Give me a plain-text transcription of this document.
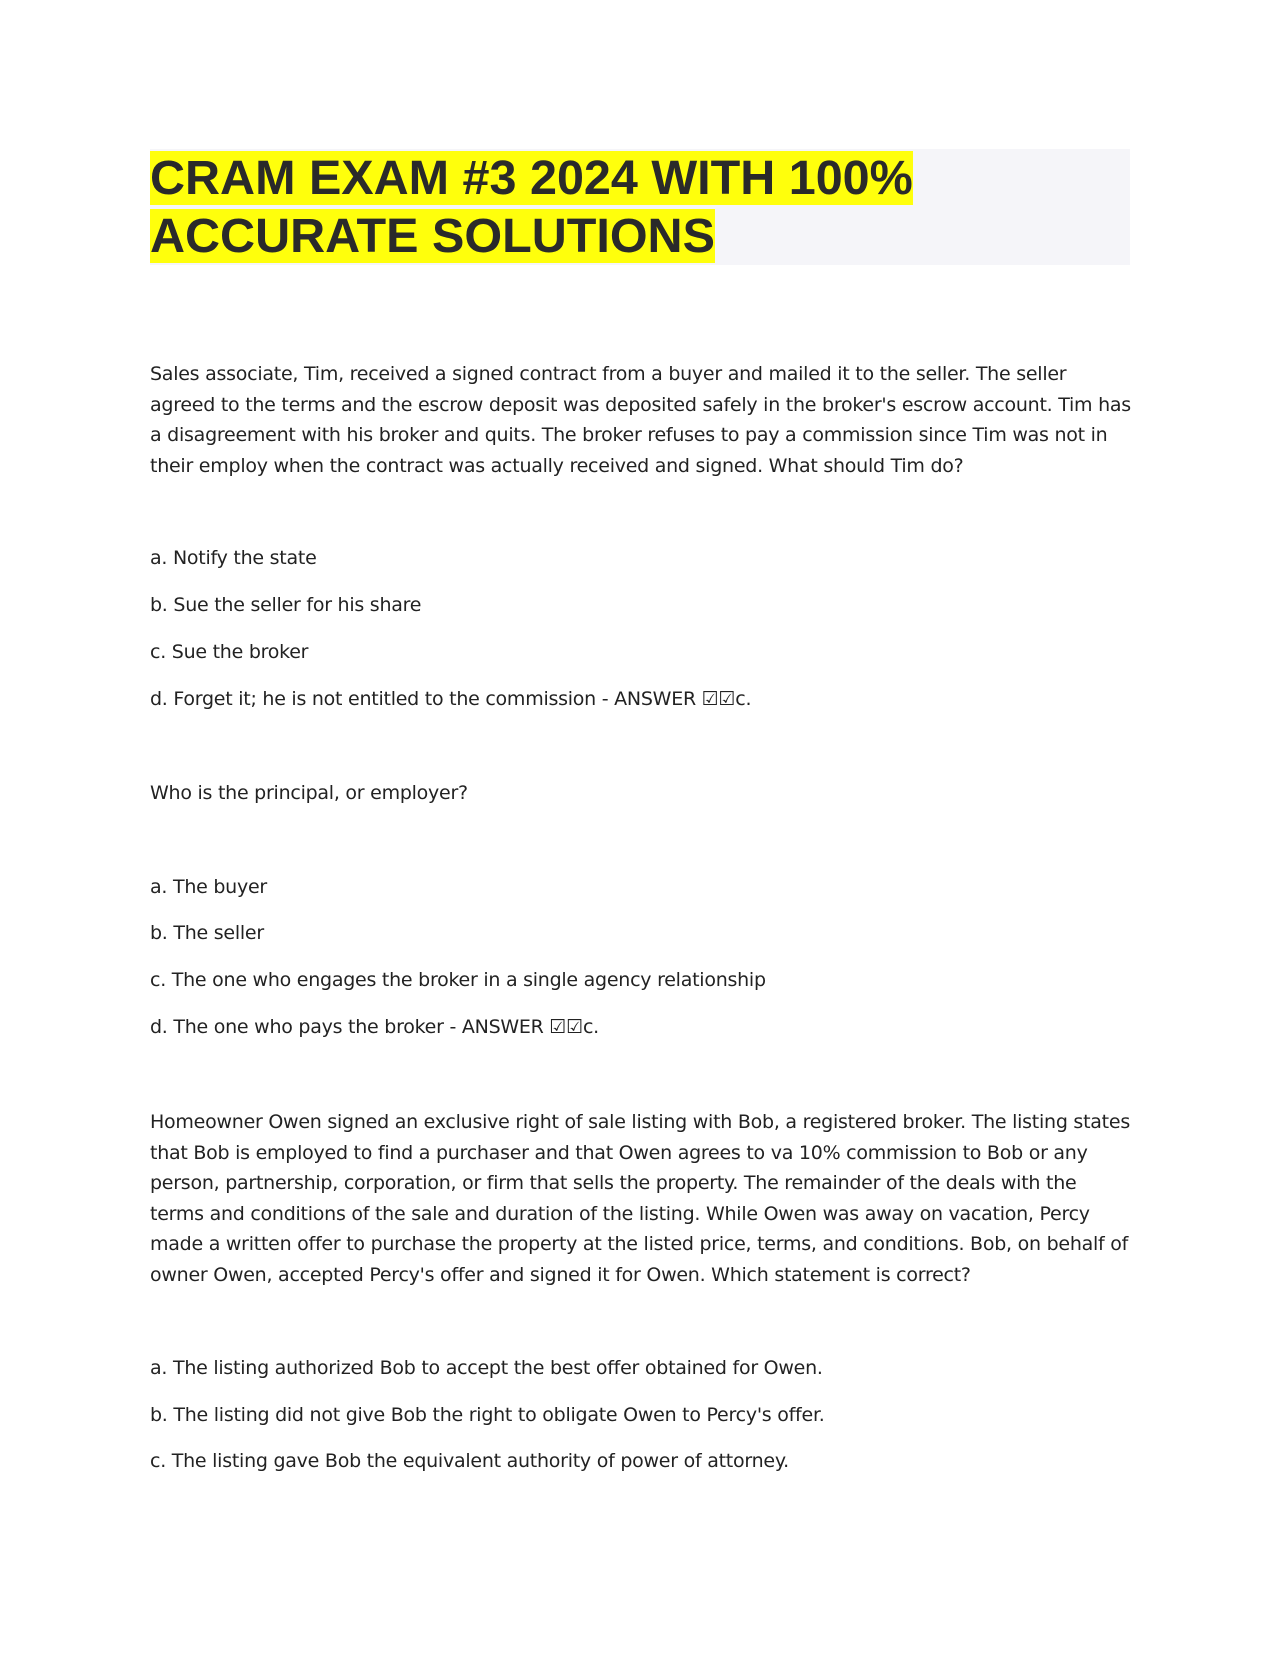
CRAM EXAM #3 2024 WITH 100%
ACCURATE SOLUTIONS

Sales associate, Tim, received a signed contract from a buyer and mailed it to the seller. The seller agreed to the terms and the escrow deposit was deposited safely in the broker's escrow account. Tim has a disagreement with his broker and quits. The broker refuses to pay a commission since Tim was not in their employ when the contract was actually received and signed. What should Tim do?

a. Notify the state

b. Sue the seller for his share

c. Sue the broker

d. Forget it; he is not entitled to the commission - ANSWER ☑☑c.

Who is the principal, or employer?

a. The buyer

b. The seller

c. The one who engages the broker in a single agency relationship

d. The one who pays the broker - ANSWER ☑☑c.

Homeowner Owen signed an exclusive right of sale listing with Bob, a registered broker. The listing states that Bob is employed to find a purchaser and that Owen agrees to va 10% commission to Bob or any person, partnership, corporation, or firm that sells the property. The remainder of the deals with the terms and conditions of the sale and duration of the listing. While Owen was away on vacation, Percy made a written offer to purchase the property at the listed price, terms, and conditions. Bob, on behalf of owner Owen, accepted Percy's offer and signed it for Owen. Which statement is correct?

a. The listing authorized Bob to accept the best offer obtained for Owen.

b. The listing did not give Bob the right to obligate Owen to Percy's offer.

c. The listing gave Bob the equivalent authority of power of attorney.
